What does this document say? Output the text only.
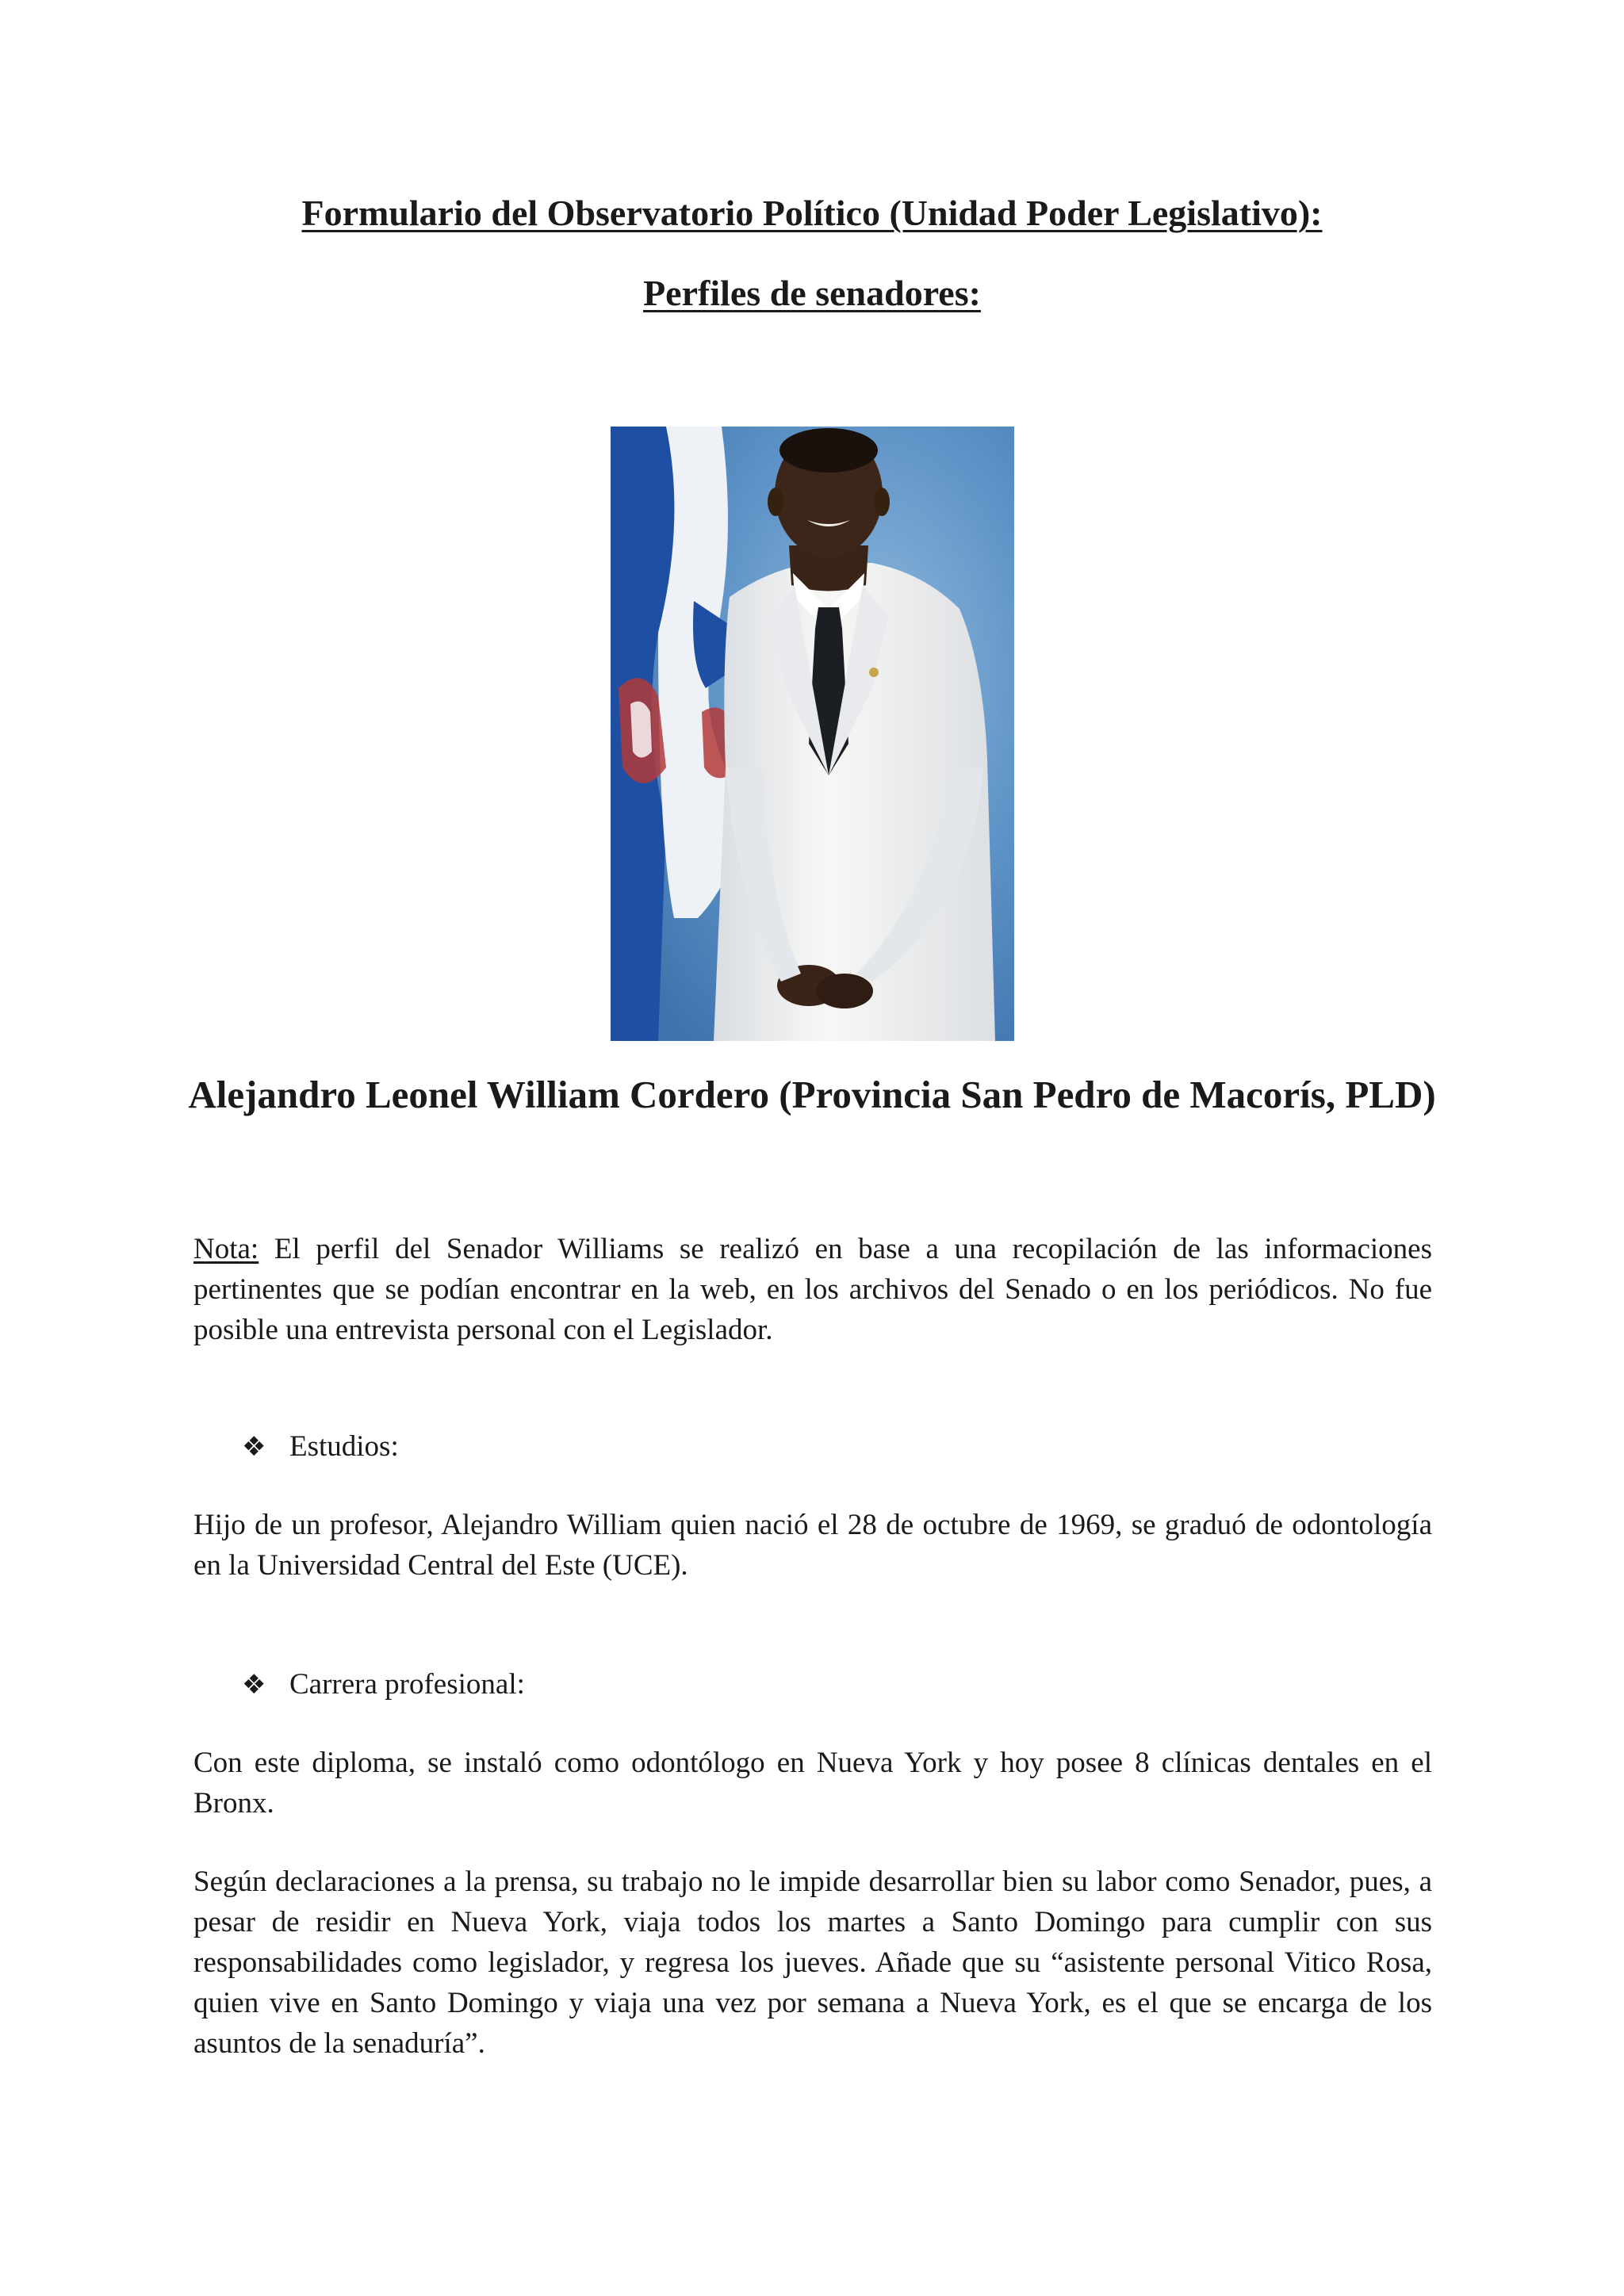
Formulario del Observatorio Político (Unidad Poder Legislativo):
Perfiles de senadores:
Alejandro Leonel William Cordero (Provincia San Pedro de Macorís, PLD)

Nota: El perfil del Senador Williams se realizó en base a una recopilación de las informaciones pertinentes que se podían encontrar en la web, en los archivos del Senado o en los periódicos. No fue posible una entrevista personal con el Legislador.

❖ Estudios:

Hijo de un profesor, Alejandro William quien nació el 28 de octubre de 1969, se graduó de odontología en la Universidad Central del Este (UCE).

❖ Carrera profesional:

Con este diploma, se instaló como odontólogo en Nueva York y hoy posee 8 clínicas dentales en el Bronx.

Según declaraciones a la prensa, su trabajo no le impide desarrollar bien su labor como Senador, pues, a pesar de residir en Nueva York, viaja todos los martes a Santo Domingo para cumplir con sus responsabilidades como legislador, y regresa los jueves. Añade que su “asistente personal Vitico Rosa, quien vive en Santo Domingo y viaja una vez por semana a Nueva York, es el que se encarga de los asuntos de la senaduría”.
